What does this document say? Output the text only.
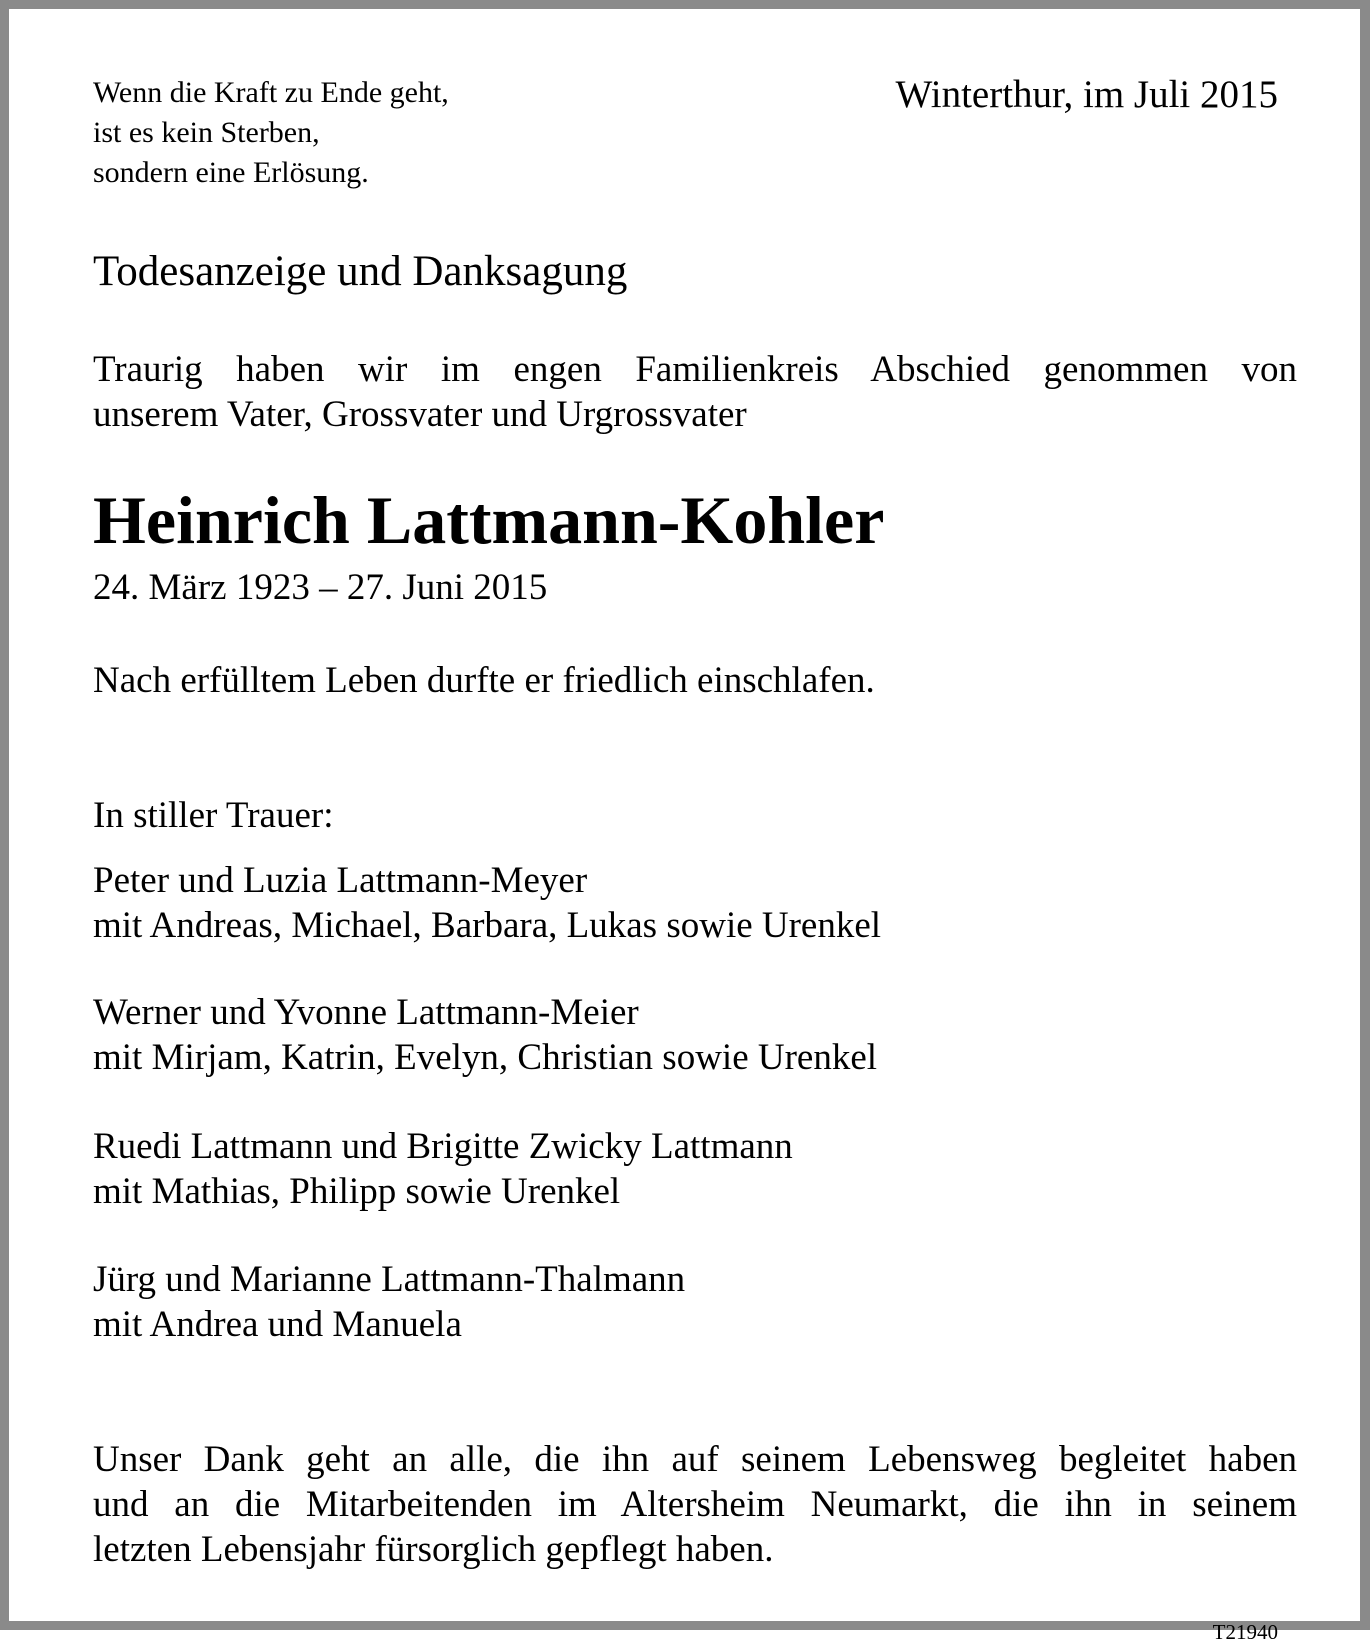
Wenn die Kraft zu Ende geht,
ist es kein Sterben,
sondern eine Erlösung.
Winterthur, im Juli 2015
Todesanzeige und Danksagung
Traurig haben wir im engen Familienkreis Abschied genommen von
unserem Vater, Grossvater und Urgrossvater
Heinrich Lattmann-Kohler
24. März 1923 – 27. Juni 2015
Nach erfülltem Leben durfte er friedlich einschlafen.
In stiller Trauer:
Peter und Luzia Lattmann-Meyer
mit Andreas, Michael, Barbara, Lukas sowie Urenkel
Werner und Yvonne Lattmann-Meier
mit Mirjam, Katrin, Evelyn, Christian sowie Urenkel
Ruedi Lattmann und Brigitte Zwicky Lattmann
mit Mathias, Philipp sowie Urenkel
Jürg und Marianne Lattmann-Thalmann
mit Andrea und Manuela
Unser Dank geht an alle, die ihn auf seinem Lebensweg begleitet haben
und an die Mitarbeitenden im Altersheim Neumarkt, die ihn in seinem
letzten Lebensjahr fürsorglich gepflegt haben.
T21940
